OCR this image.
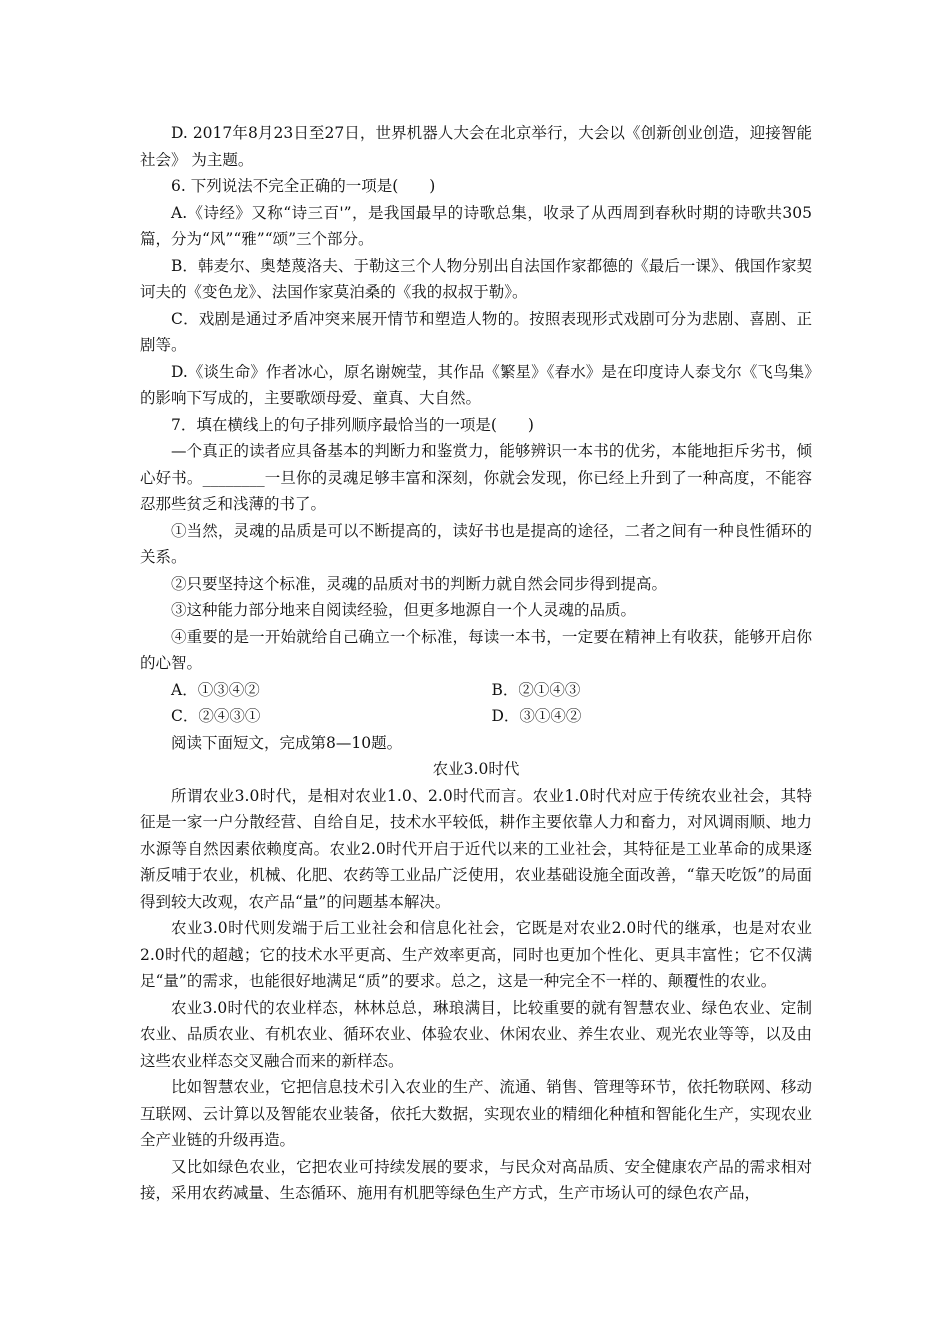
D. 2017年8月23日至27日，世界机器人大会在北京举行，大会以《创新创业创造，迎接智能社会》 为主题。

6. 下列说法不完全正确的一项是(　　)

A.《诗经》又称“诗三百'”，是我国最早的诗歌总集，收录了从西周到春秋时期的诗歌共305篇，分为“风”“雅”“颂”三个部分。

B．韩麦尔、奥楚蔑洛夫、于勒这三个人物分别出自法国作家都德的《最后一课》、俄国作家契诃夫的《变色龙》、法国作家莫泊桑的《我的叔叔于勒》。

C．戏剧是通过矛盾冲突来展开情节和塑造人物的。按照表现形式戏剧可分为悲剧、喜剧、正剧等。

D.《谈生命》作者冰心，原名谢婉莹，其作品《繁星》《春水》是在印度诗人泰戈尔《飞鸟集》的影响下写成的，主要歌颂母爱、童真、大自然。

7．填在横线上的句子排列顺序最恰当的一项是(　　)

—个真正的读者应具备基本的判断力和鉴赏力，能够辨识一本书的优劣，本能地拒斥劣书，倾心好书。________一旦你的灵魂足够丰富和深刻，你就会发现，你已经上升到了一种高度，不能容忍那些贫乏和浅薄的书了。

①当然，灵魂的品质是可以不断提高的，读好书也是提高的途径，二者之间有一种良性循环的关系。

②只要坚持这个标准，灵魂的品质对书的判断力就自然会同步得到提高。

③这种能力部分地来自阅读经验，但更多地源自一个人灵魂的品质。

④重要的是一开始就给自己确立一个标准，每读一本书，一定要在精神上有收获，能够开启你的心智。

A．①③④②	B．②①④③
C．②④③①	D．③①④②

阅读下面短文，完成第8—10题。

农业3.0时代

所谓农业3.0时代，是相对农业1.0、2.0时代而言。农业1.0时代对应于传统农业社会，其特征是一家一户分散经营、自给自足，技术水平较低，耕作主要依靠人力和畜力，对风调雨顺、地力水源等自然因素依赖度高。农业2.0时代开启于近代以来的工业社会，其特征是工业革命的成果逐渐反哺于农业，机械、化肥、农药等工业品广泛使用，农业基础设施全面改善，“靠天吃饭”的局面得到较大改观，农产品“量”的问题基本解决。

农业3.0时代则发端于后工业社会和信息化社会，它既是对农业2.0时代的继承，也是对农业2.0时代的超越；它的技术水平更高、生产效率更高，同时也更加个性化、更具丰富性；它不仅满足“量”的需求，也能很好地满足“质”的要求。总之，这是一种完全不一样的、颠覆性的农业。

农业3.0时代的农业样态，林林总总，琳琅满目，比较重要的就有智慧农业、绿色农业、定制农业、品质农业、有机农业、循环农业、体验农业、休闲农业、养生农业、观光农业等等，以及由这些农业样态交叉融合而来的新样态。

比如智慧农业，它把信息技术引入农业的生产、流通、销售、管理等环节，依托物联网、移动互联网、云计算以及智能农业装备，依托大数据，实现农业的精细化种植和智能化生产，实现农业全产业链的升级再造。

又比如绿色农业，它把农业可持续发展的要求，与民众对高品质、安全健康农产品的需求相对接，采用农药减量、生态循环、施用有机肥等绿色生产方式，生产市场认可的绿色农产品，
